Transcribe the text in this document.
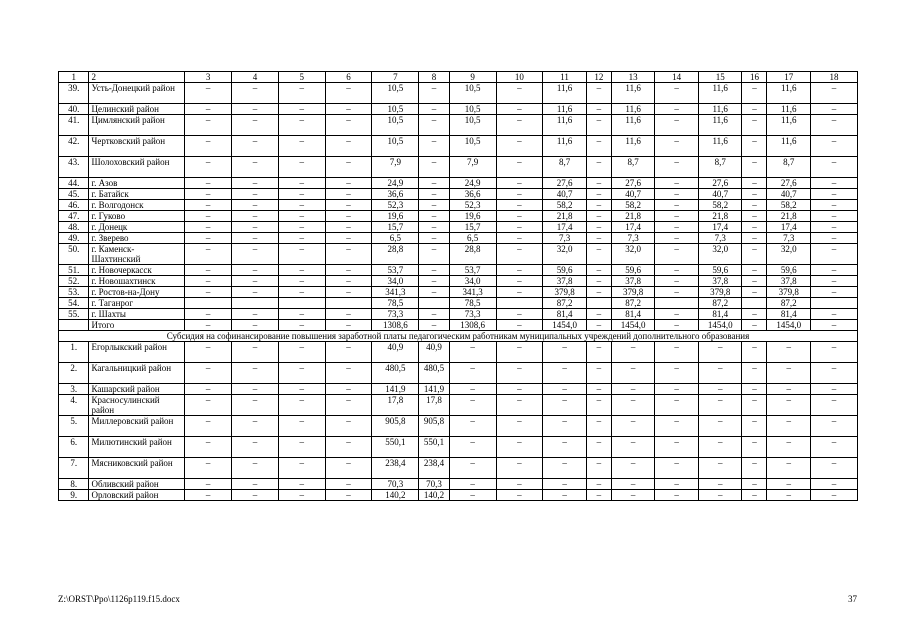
1	2	3	4	5	6	7	8	9	10	11	12	13	14	15	16	17	18
39.	Усть-Донецкий район	–	–	–	–	10,5	–	10,5	–	11,6	–	11,6	–	11,6	–	11,6	–
40.	Целинский район	–	–	–	–	10,5	–	10,5	–	11,6	–	11,6	–	11,6	–	11,6	–
41.	Цимлянский район	–	–	–	–	10,5	–	10,5	–	11,6	–	11,6	–	11,6	–	11,6	–
42.	Чертковский район	–	–	–	–	10,5	–	10,5	–	11,6	–	11,6	–	11,6	–	11,6	–
43.	Шолоховский район	–	–	–	–	7,9	–	7,9	–	8,7	–	8,7	–	8,7	–	8,7	–
44.	г. Азов	–	–	–	–	24,9	–	24,9	–	27,6	–	27,6	–	27,6	–	27,6	–
45.	г. Батайск	–	–	–	–	36,6	–	36,6	–	40,7	–	40,7	–	40,7	–	40,7	–
46.	г. Волгодонск	–	–	–	–	52,3	–	52,3	–	58,2	–	58,2	–	58,2	–	58,2	–
47.	г. Гуково	–	–	–	–	19,6	–	19,6	–	21,8	–	21,8	–	21,8	–	21,8	–
48.	г. Донецк	–	–	–	–	15,7	–	15,7	–	17,4	–	17,4	–	17,4	–	17,4	–
49.	г. Зверево	–	–	–	–	6,5	–	6,5	–	7,3	–	7,3	–	7,3	–	7,3	–
50.	г. Каменск-Шахтинский	–	–	–	–	28,8	–	28,8	–	32,0	–	32,0	–	32,0	–	32,0	–
51.	г. Новочеркасск	–	–	–	–	53,7	–	53,7	–	59,6	–	59,6	–	59,6	–	59,6	–
52.	г. Новошахтинск	–	–	–	–	34,0	–	34,0	–	37,8	–	37,8	–	37,8	–	37,8	–
53.	г. Ростов-на-Дону	–	–	–	–	341,3	–	341,3	–	379,8	–	379,8	–	379,8	–	379,8	–
54.	г. Таганрог					78,5		78,5		87,2		87,2		87,2		87,2	
55.	г. Шахты	–	–	–	–	73,3	–	73,3	–	81,4	–	81,4	–	81,4	–	81,4	–
	Итого	–	–	–	–	1308,6	–	1308,6	–	1454,0	–	1454,0	–	1454,0	–	1454,0	–
Субсидия на софинансирование повышения заработной платы педагогическим работникам муниципальных учреждений дополнительного образования																	
1.	Егорлыкский район	–	–	–	–	40,9	40,9	–	–	–	–	–	–	–	–	–	–
2.	Кагальницкий район	–	–	–	–	480,5	480,5	–	–	–	–	–	–	–	–	–	–
3.	Кашарский район	–	–	–	–	141,9	141,9	–	–	–	–	–	–	–	–	–	–
4.	Красносулинский район	–	–	–	–	17,8	17,8	–	–	–	–	–	–	–	–	–	–
5.	Миллеровский район	–	–	–	–	905,8	905,8	–	–	–	–	–	–	–	–	–	–
6.	Милютинский район	–	–	–	–	550,1	550,1	–	–	–	–	–	–	–	–	–	–
7.	Мясниковский район	–	–	–	–	238,4	238,4	–	–	–	–	–	–	–	–	–	–
8.	Обливский район	–	–	–	–	70,3	70,3	–	–	–	–	–	–	–	–	–	–
9.	Орловский район	–	–	–	–	140,2	140,2	–	–	–	–	–	–	–	–	–	–
Z:\ORST\Ppo\1126p119.f15.docx	37
